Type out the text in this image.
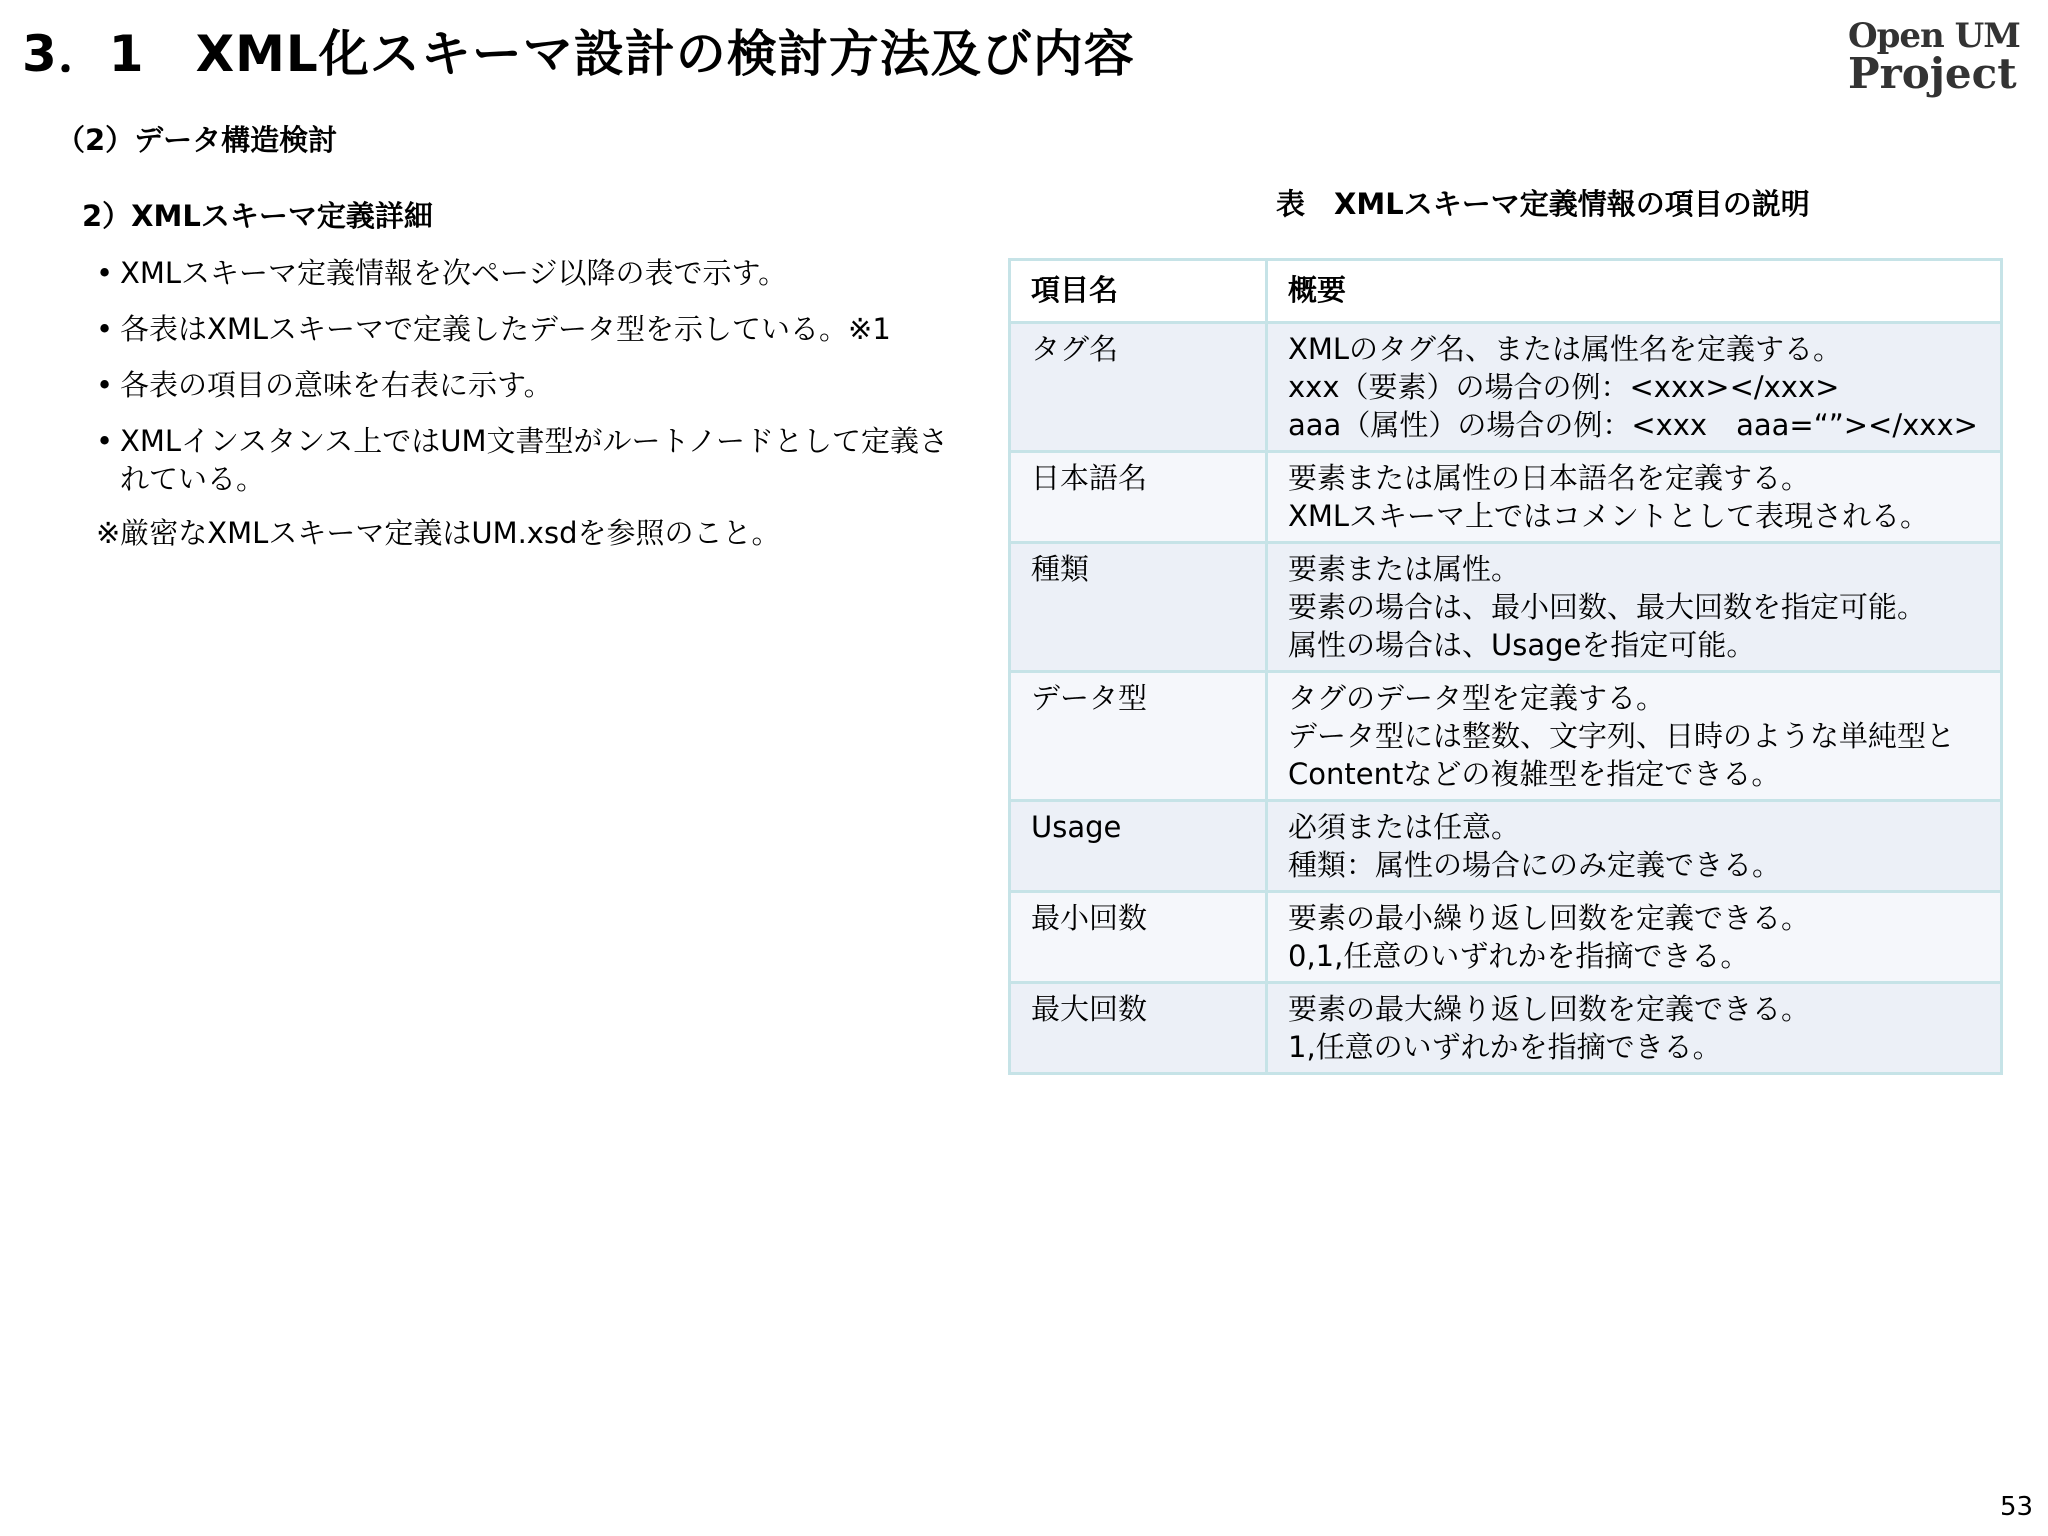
3．1　XML化スキーマ設計の検討方法及び内容	Open UM
Project
（2）データ構造検討
2）XMLスキーマ定義詳細
• XMLスキーマ定義情報を次ページ以降の表で示す。
• 各表はXMLスキーマで定義したデータ型を示している。※1
• 各表の項目の意味を右表に示す。
• XMLインスタンス上ではUM文書型がルートノードとして定義されている。
※厳密なXMLスキーマ定義はUM.xsdを参照のこと。
表　XMLスキーマ定義情報の項目の説明
項目名	概要
タグ名	XMLのタグ名、または属性名を定義する。
xxx（要素）の場合の例：<xxx></xxx>
aaa（属性）の場合の例：<xxx　aaa=“”></xxx>

日本語名	要素または属性の日本語名を定義する。
XMLスキーマ上ではコメントとして表現される。

種類	要素または属性。
要素の場合は、最小回数、最大回数を指定可能。
属性の場合は、Usageを指定可能。

データ型	タグのデータ型を定義する。
データ型には整数、文字列、日時のような単純型と
Contentなどの複雑型を指定できる。

Usage	必須または任意。
種類：属性の場合にのみ定義できる。

最小回数	要素の最小繰り返し回数を定義できる。
0,1,任意のいずれかを指摘できる。

最大回数	要素の最大繰り返し回数を定義できる。
1,任意のいずれかを指摘できる。
53
